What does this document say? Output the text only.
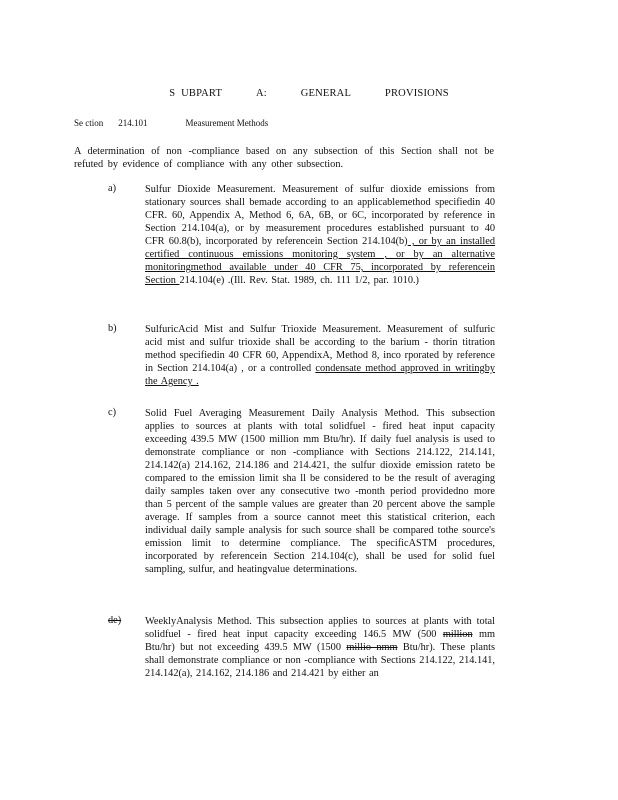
S UBPART	A:	GENERAL	PROVISIONS
Se ction 214.101	Measurement Methods
A determination of non -compliance based on any subsection of this Section shall not be refuted by evidence of compliance with any other subsection.
a)	Sulfur Dioxide Measurement. Measurement of sulfur dioxide emissions from stationary sources shall bemade according to an applicablemethod specifiedin 40 CFR. 60, Appendix A, Method 6, 6A, 6B, or 6C, incorporated by reference in Section 214.104(a), or by measurement procedures established pursuant to 40 CFR 60.8(b), incorporated by referencein Section 214.104(b) , or by an installed certified continuous emissions monitoring system , or by an alternative monitoringmethod available under 40 CFR 75, incorporated by referencein Section 214.104(e) .(Ill. Rev. Stat. 1989, ch. 111 1/2, par. 1010.)
b)	SulfuricAcid Mist and Sulfur Trioxide Measurement. Measurement of sulfuric acid mist and sulfur trioxide shall be according to the barium - thorin titration method specifiedin 40 CFR 60, AppendixA, Method 8, inco rporated by reference in Section 214.104(a) , or a controlled condensate method approved in writingby the Agency .
c)	Solid Fuel Averaging Measurement Daily Analysis Method. This subsection applies to sources at plants with total solidfuel - fired heat input capacity exceeding 439.5 MW (1500 million mm Btu/hr). If daily fuel analysis is used to demonstrate compliance or non -compliance with Sections 214.122, 214.141, 214.142(a) 214.162, 214.186 and 214.421, the sulfur dioxide emission rateto be compared to the emission limit sha ll be considered to be the result of averaging daily samples taken over any consecutive two -month period providedno more than 5 percent of the sample values are greater than 20 percent above the sample average. If samples from a source cannot meet this statistical criterion, each individual daily sample analysis for such source shall be compared tothe source's emission limit to determine compliance. The specificASTM procedures, incorporated by referencein Section 214.104(c), shall be used for solid fuel sampling, sulfur, and heatingvalue determinations.
de) WeeklyAnalysis Method. This subsection applies to sources at plants with total solidfuel - fired heat input capacity exceeding 146.5 MW (500 million mm Btu/hr) but not exceeding 439.5 MW (1500 millio nmm Btu/hr). These plants shall demonstrate compliance or non -compliance with Sections 214.122, 214.141, 214.142(a), 214.162, 214.186 and 214.421 by either an
